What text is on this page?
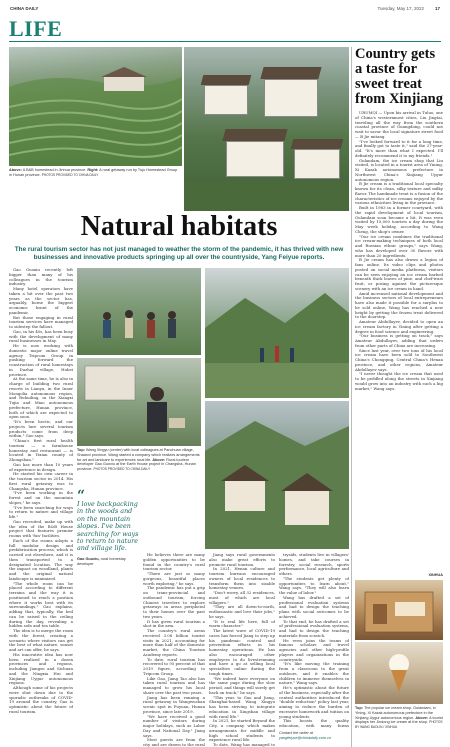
CHINA DAILY	Tuesday, May 17, 2022 17
LIFE
Above: A B&B homestead in Jinhua province. Right: A rural getaway run by Tuju Homestead Group in Hunan province. PHOTOS PROVIDED TO CHINA DAILY
Country gets a taste for sweet treat from Xinjiang

URUMQI — Upon his arrival in Tuluo, one of China's westernmost cities, Liu Jingtai, traveling all the way from the southern coastal province of Guangdong, could not wait to savor the local signature street food — B Jie mitang.

"I've looked forward to it for a long time, and finally got to taste it," said the 27-year-old. "It's more than what I expected. I'll definitely recommend it to my friends."

Gulandam, the ice cream shop that Liu visited, is located in a tourist area of Yining, Xi Kazak autonomous prefecture in Northwest China's Xinjiang Uygur autonomous region.

B Jie cream is a traditional local specialty known for its clean, silky texture and milky flavor. The handmade treat is a fusion of the characteristics of ice creams enjoyed by the various ethnicities living in the province.

Built in 1983 in a former courtyard, with the rapid development of local tourism, Gulandam soon became a hit. It was even visited by 15,000 tourists a day during the May week holiday, according to Wang Cheng, the shop's owner.

"Our ice cream combines the traditional ice cream-making techniques of both local and Russian ethnic groups," says Wang, who has developed over 30 flavors with more than 20 ingredients.

B Jie cream has also drawn a legion of fans online. Its video clips and photos posted on social media platforms, visitors can be seen enjoying an ice cream barbed beneath thick leaves of pine, and chef-trust fruit, or posing against the picturesque scenery with an ice cream in hand.

Amid increased national development and the business sectors of local entrepreneurs have also made it possible for a surplus to be sold online, Wang has reached a new height by getting the frozen treat delivered to the doorstep.

Amateur Abdullayev, decided to open an ice cream factory in Yining after getting a degree in food science and engineering.

"Our business is getting on track," says Amateur Abdullayev, adding that orders from other parts of China are increasing.

Since last year, over two tons of his local ice cream have been sold to Southwest China's Chongqing, Central China's Henan province, and other regions, Amateur Abdullayev says.

"I never thought the ice cream that used to be peddled along the streets in Xinjiang would grow into an industry with such a big market," Wang says.

XINHUA
Natural habitats
The rural tourism sector has not just managed to weather the storm of the pandemic, it has thrived with new businesses and innovative products springing up all over the countryside, Yang Feiyue reports.

Gao Guoxiu recently left bigger than many of his colleagues in the tourism industry.

Many hotel operators have taken a hit over the past two years as the sector has, arguably, borne the biggest economic brunt of the pandemic.

But those engaging in rural tourism services have managed to sidestep the fallout.

Gao, in his 40s, has been busy with the development of many rural businesses in May.

He is now working with domestic major online travel agency Tripcom Group in pushing forward the construction of rural homestays in Duzhai village, Hubei province.

At the same time, he is also in charge of building two rural resorts in Lianyu, in the Inner Mongolia autonomous region, and Ruhuiling, in the Xiangxi Tujia and Miao autonomous prefecture, Hunan province, both of which are expected to open soon.

"It's been hectic, and our projects lure several tourism products come from deep within," Gao says.

"China's first rural health tourism — a farmhouse homestay and restaurant — is located in Yixian county of Zhongshan."

Gao has more than 10 years of experience in design.

He started his own career in the tourism sector in 2014. His first rural getaway was to Changsha, Hunan province.

"I've been working in the forest and on the mountain slopes," he says.

"I've been searching for ways to return to nature and village life."

Gao recruited, make up with the idea of the B&B House project that features premier rooms with 'fun' facilities.

Each of the rooms adopts a full modular design and prefabrication process, which is carried out elsewhere, and it is then transported to a designated location. The way the impact on woodland, plants and the original natural landscape is minimized.

"The whole room can be placed according to different terrains and the way it is positioned to reach a position where it works best with its surroundings," Gao explains, adding that, typically, the bed can be raised to the ceiling during the day, revealing a hidden sofa and tea table.

The idea is to merge the room with the forest, creating a scenario where visitors can get the best of what nature, sunset and art can offer, he says.

His innovative idea has now been realized in a dozen provinces and regions, including Jiangsu and Sichuan and the Ningxia Hui and Xinjiang Uygur autonomous regions.

Although some of his projects were shut down due to the sporadic outbreaks of COVID-19 around the country, Gao is optimistic about the future of rural tourism.

Top: Wang Xingyu (center) with local colleagues at Panchuan village, Shaanxi province. Wang started a company which realizes arrangements for art and landcare to experiences rural life. Above: Rural tourism developer Gao Guoxiu at the Earth House project in Changsha, Hunan province. PHOTOS PROVIDED TO CHINA DAILY
“
I love backpacking in the woods and on the mountain slopes. I've been searching for ways to return to nature and village life.
Gao Guoxiu, rural homestay developer

He believes there are many golden opportunities to be found in the country's rural tourism sector.

"There are just so many gorgeous, beautiful places worth exploring," he says.

The pandemic has put a grip on trans-provincial and outbound tourism, forcing Chinese travelers to explore getaways in areas peripheral to their homes over the past two years.

It has given rural tourism a shot in the arm.

The country's rural areas received 3.08 billion tourist visits in 2021, accounting for more than half of the domestic market, the China Tourism Academy reports.

To date, rural tourism has recovered to 95 percent of that 2019 figure, according to Tripcom Group.

Like Gao, Jiang Tao also has taken rural tourism and has managed to grow his local share over the past two years.

Jiang has been running a rural getaway in Wangwushan scenic spot in Fuyuan, Hunan province, since late 2019.

"We have received a good number of visitors during major holidays, such as Labor Day and National Day," Jiang says.

Most guests are from the city and are drawn to the rural

Jiang says rural governments also make great efforts to promote rural tourism.

In 2021, Henan culture and tourism bureaus encouraged owners of local residences to transform them into sizable homestay venues.

"Don't worry, all 32 residences, most of which are local villagers."

"They are all down-to-earth, enthusiastic and love their jobs," he says.

"It is real life here, full of warm character."

The latest wave of COVID-19 cases has forced Jiang to step up his pandemic control and prevention efforts in his homestay operations. He has also encouraged other employees to do livestreaming and have a go at selling local specialties online during the tough times.

"We indeed have everyone on the same page during the slow period, and things will surely get back on track," he says.

"This year, to Gao and Jiang, Shanghai-based Wang Xingyu has been striving to integrate education in Xingshan village with rural life."

In 2021, he started Beyond the City, a company which makes arrangements for middle and high school students to experience rural life.

To date, Wang has managed to

trysids, students live in villagers' homes, and take courses in forestry, social research, sports performance, local agriculture and others.

"The students get plenty of opportunities to learn about," Wang says. "They will also learn the value of labor."

Wang has drafted a set of professional evaluation systems and had to design the teaching plans with social outcomes to be achieved.

To that end, he has drafted a set of professional evaluation systems, and had to design the teaching materials from scratch.

He even joins the teams of famous scholars and travel agencies and other high-profile players and organizations in the countryside.

"It's like moving the training from a classroom to the great outdoors, and it enables the children to immerse themselves in nature," Wang says.

He's optimistic about the future of the business, especially after the central authorities introduced the "double reduction" policy last year, aiming to reduce the burden of excessive homework and tuition on young students.

This boosts the quality education, with many forms

Contact the writer at yangfeiyue@chinadaily.com.cn
Top: The popular ice cream shop, Gulandam, in Yining, Xi Kazak autonomous prefecture in the Xinjiang Uygur autonomous region. Above: A tourist displays her Jindong ice cream at the shop. PHOTOS BY WANG BAOLIN / XINHUA
